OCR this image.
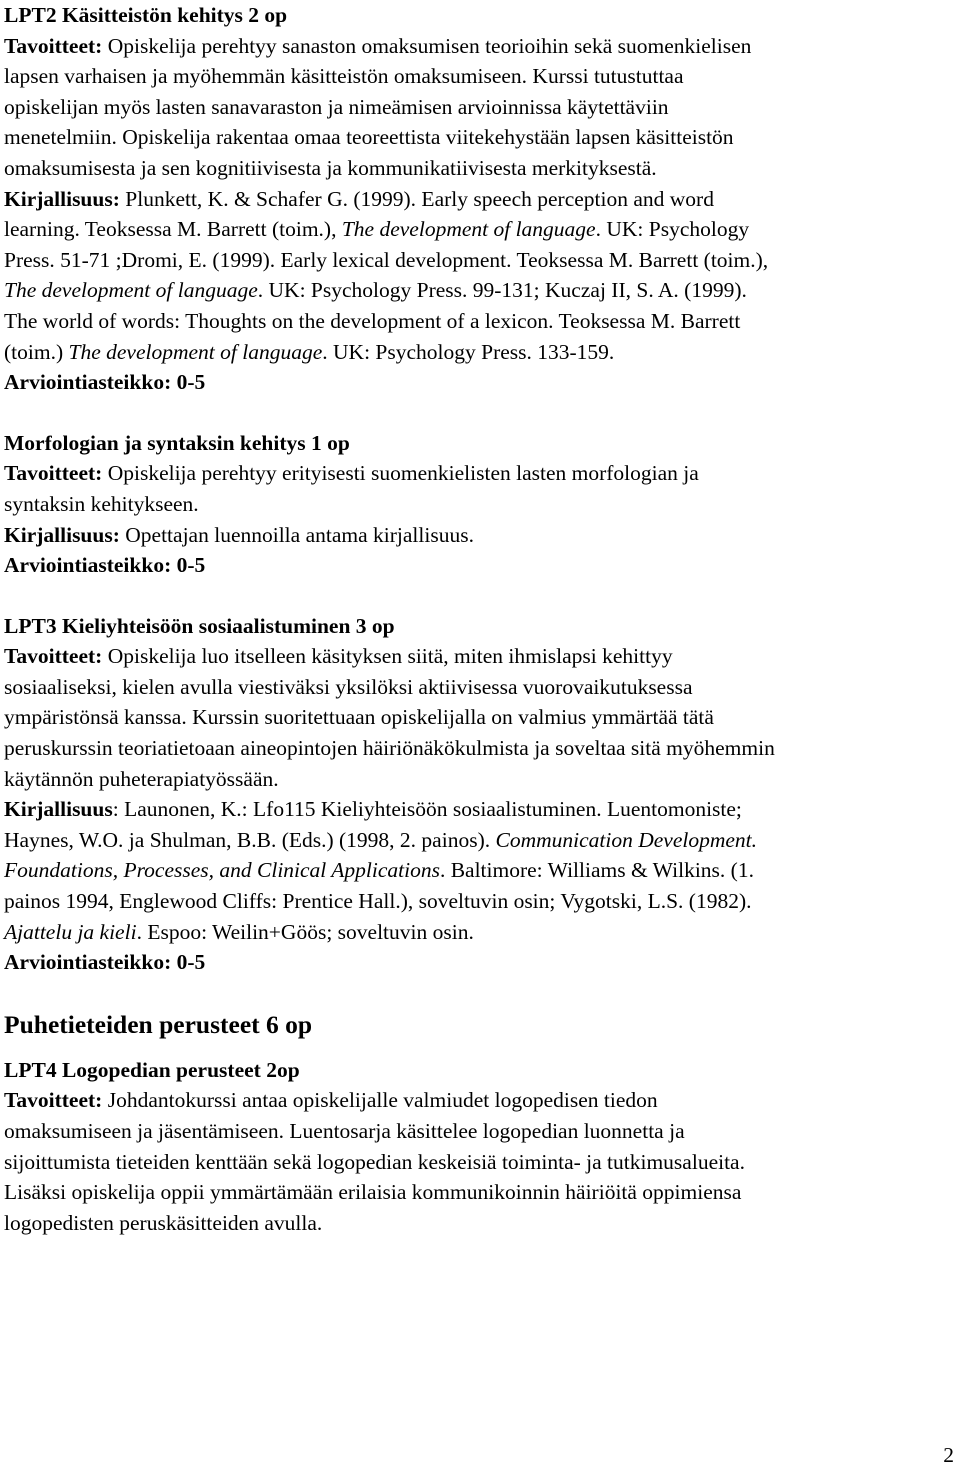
LPT2 Käsitteistön kehitys 2 op
Tavoitteet: Opiskelija perehtyy sanaston omaksumisen teorioihin sekä suomenkielisen
lapsen varhaisen ja myöhemmän käsitteistön omaksumiseen. Kurssi tutustuttaa
opiskelijan myös lasten sanavaraston ja nimeämisen arvioinnissa käytettäviin
menetelmiin. Opiskelija rakentaa omaa teoreettista viitekehystään lapsen käsitteistön
omaksumisesta ja sen kognitiivisesta ja kommunikatiivisesta merkityksestä.
Kirjallisuus: Plunkett, K. & Schafer G. (1999). Early speech perception and word
learning. Teoksessa M. Barrett (toim.), The development of language. UK: Psychology
Press. 51-71 ;Dromi, E. (1999). Early lexical development. Teoksessa M. Barrett (toim.),
The development of language. UK: Psychology Press. 99-131; Kuczaj II, S. A. (1999).
The world of words: Thoughts on the development of a lexicon. Teoksessa M. Barrett
(toim.) The development of language. UK: Psychology Press. 133-159.
Arviointiasteikko: 0-5
Morfologian ja syntaksin kehitys 1 op
Tavoitteet: Opiskelija perehtyy erityisesti suomenkielisten lasten morfologian ja
syntaksin kehitykseen.
Kirjallisuus: Opettajan luennoilla antama kirjallisuus.
Arviointiasteikko: 0-5
LPT3 Kieliyhteisöön sosiaalistuminen 3 op
Tavoitteet: Opiskelija luo itselleen käsityksen siitä, miten ihmislapsi kehittyy
sosiaaliseksi, kielen avulla viestiväksi yksilöksi aktiivisessa vuorovaikutuksessa
ympäristönsä kanssa. Kurssin suoritettuaan opiskelijalla on valmius ymmärtää tätä
peruskurssin teoriatietoaan aineopintojen häiriönäkökulmista ja soveltaa sitä myöhemmin
käytännön puheterapiatyössään.
Kirjallisuus: Launonen, K.: Lfo115 Kieliyhteisöön sosiaalistuminen. Luentomoniste;
Haynes, W.O. ja Shulman, B.B. (Eds.) (1998, 2. painos). Communication Development.
Foundations, Processes, and Clinical Applications. Baltimore: Williams & Wilkins. (1.
painos 1994, Englewood Cliffs: Prentice Hall.), soveltuvin osin; Vygotski, L.S. (1982).
Ajattelu ja kieli. Espoo: Weilin+Göös; soveltuvin osin.
Arviointiasteikko: 0-5
Puhetieteiden perusteet 6 op
LPT4 Logopedian perusteet 2op
Tavoitteet: Johdantokurssi antaa opiskelijalle valmiudet logopedisen tiedon
omaksumiseen ja jäsentämiseen. Luentosarja käsittelee logopedian luonnetta ja
sijoittumista tieteiden kenttään sekä logopedian keskeisiä toiminta- ja tutkimusalueita.
Lisäksi opiskelija oppii ymmärtämään erilaisia kommunikoinnin häiriöitä oppimiensa
logopedisten peruskäsitteiden avulla.
2
